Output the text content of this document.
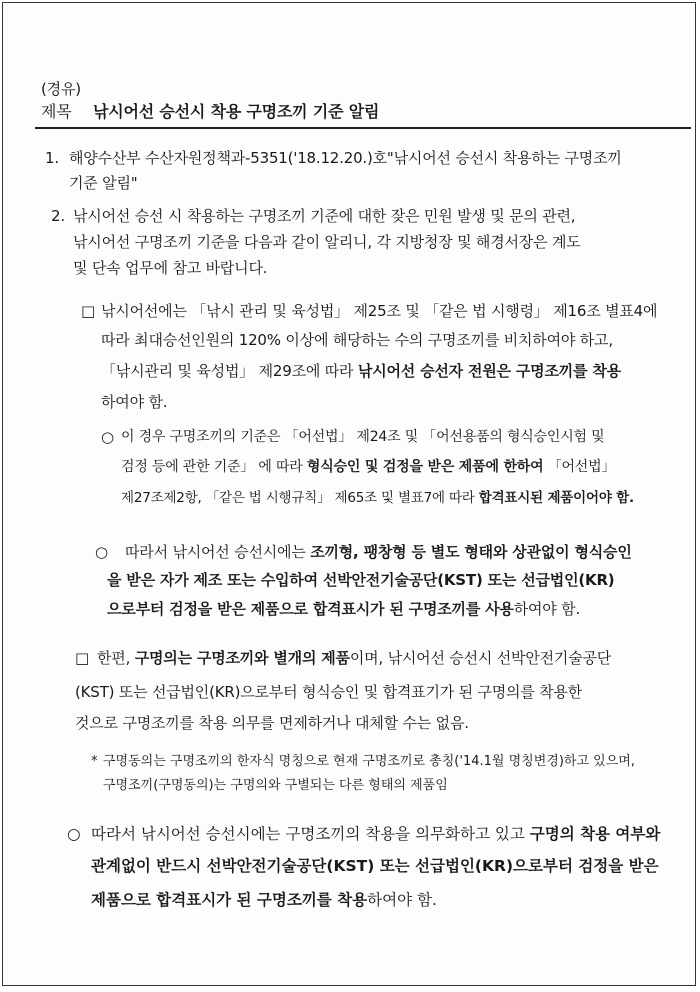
(경유)
제목 낚시어선 승선시 착용 구명조끼 기준 알림
1. 해양수산부 수산자원정책과-5351('18.12.20.)호"낚시어선 승선시 착용하는 구명조끼
기준 알림"
2. 낚시어선 승선 시 착용하는 구명조끼 기준에 대한 잦은 민원 발생 및 문의 관련,
낚시어선 구명조끼 기준을 다음과 같이 알리니, 각 지방청장 및 해경서장은 계도
및 단속 업무에 참고 바랍니다.
□ 낚시어선에는 「낚시 관리 및 육성법」 제25조 및 「같은 법 시행령」 제16조 별표4에
따라 최대승선인원의 120% 이상에 해당하는 수의 구명조끼를 비치하여야 하고,
「낚시관리 및 육성법」 제29조에 따라 낚시어선 승선자 전원은 구명조끼를 착용
하여야 함.
○ 이 경우 구명조끼의 기준은 「어선법」 제24조 및 「어선용품의 형식승인시험 및
검정 등에 관한 기준」 에 따라 형식승인 및 검정을 받은 제품에 한하여 「어선법」
제27조제2항, 「같은 법 시행규칙」 제65조 및 별표7에 따라 합격표시된 제품이어야 함.
○ 따라서 낚시어선 승선시에는 조끼형, 팽창형 등 별도 형태와 상관없이 형식승인
을 받은 자가 제조 또는 수입하여 선박안전기술공단(KST) 또는 선급법인(KR)
으로부터 검정을 받은 제품으로 합격표시가 된 구명조끼를 사용하여야 함.
□ 한편, 구명의는 구명조끼와 별개의 제품이며, 낚시어선 승선시 선박안전기술공단
(KST) 또는 선급법인(KR)으로부터 형식승인 및 합격표기가 된 구명의를 착용한
것으로 구명조끼를 착용 의무를 면제하거나 대체할 수는 없음.
* 구명동의는 구명조끼의 한자식 명칭으로 현재 구명조끼로 총칭('14.1월 명칭변경)하고 있으며,
구명조끼(구명동의)는 구명의와 구별되는 다른 형태의 제품임
○ 따라서 낚시어선 승선시에는 구명조끼의 착용을 의무화하고 있고 구명의 착용 여부와
관계없이 반드시 선박안전기술공단(KST) 또는 선급법인(KR)으로부터 검정을 받은
제품으로 합격표시가 된 구명조끼를 착용하여야 함.
